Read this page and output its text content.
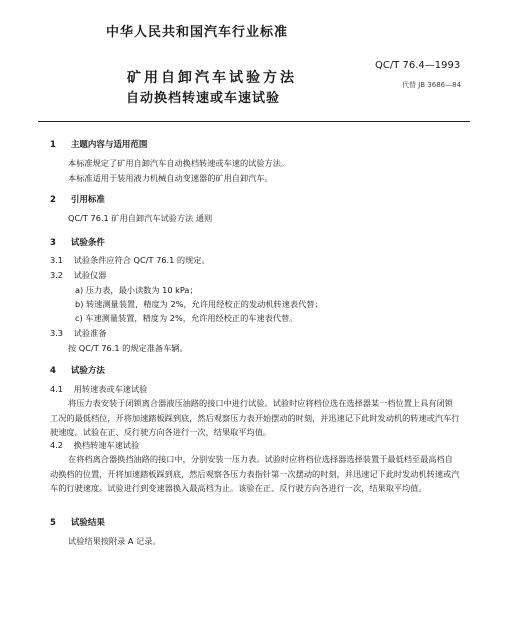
中华人民共和国汽车行业标准
QC/T 76.4—1993
矿用自卸汽车试验方法
自动换档转速或车速试验
代替 JB 3686—84
1 主题内容与适用范围
本标准规定了矿用自卸汽车自动换档转速或车速的试验方法。
本标准适用于装用液力机械自动变速器的矿用自卸汽车。
2 引用标准
QC/T 76.1 矿用自卸汽车试验方法 通则
3 试验条件
3.1 试验条件应符合 QC/T 76.1 的规定。
3.2 试验仪器
a) 压力表，最小读数为 10 kPa；
b) 转速测量装置，精度为 2%，允许用经校正的发动机转速表代替；
c) 车速测量装置，精度为 2%，允许用经校正的车速表代替。
3.3 试验准备
按 QC/T 76.1 的规定准备车辆。
4 试验方法
4.1 用转速表或车速试验
将压力表安装于闭锁离合器液压油路的接口中进行试验。试验时应将档位选在选择器某一档位置上具有闭锁工况的最低档位，开将加速踏板踩到底，然后观察压力表开始摆动的时刻，并迅速记下此时发动机的转速或汽车行驶速度。试验在正、反行驶方向各进行一次，结果取平均值。
4.2 换档转速车速试验
在将档离合器换挡油路的接口中，分别安装一压力表。试验时应将档位选择器选择装置于最低档至最高档自动换档的位置，开将加速踏板踩到底，然后观察各压力表指针第一次摆动的时刻，并迅速记下此时发动机转速或汽车的行驶速度。试验进行到变速器换入最高档为止。该验在正、反行驶方向各进行一次，结果取平均值。
5 试验结果
试验结果按附录 A 记录。
